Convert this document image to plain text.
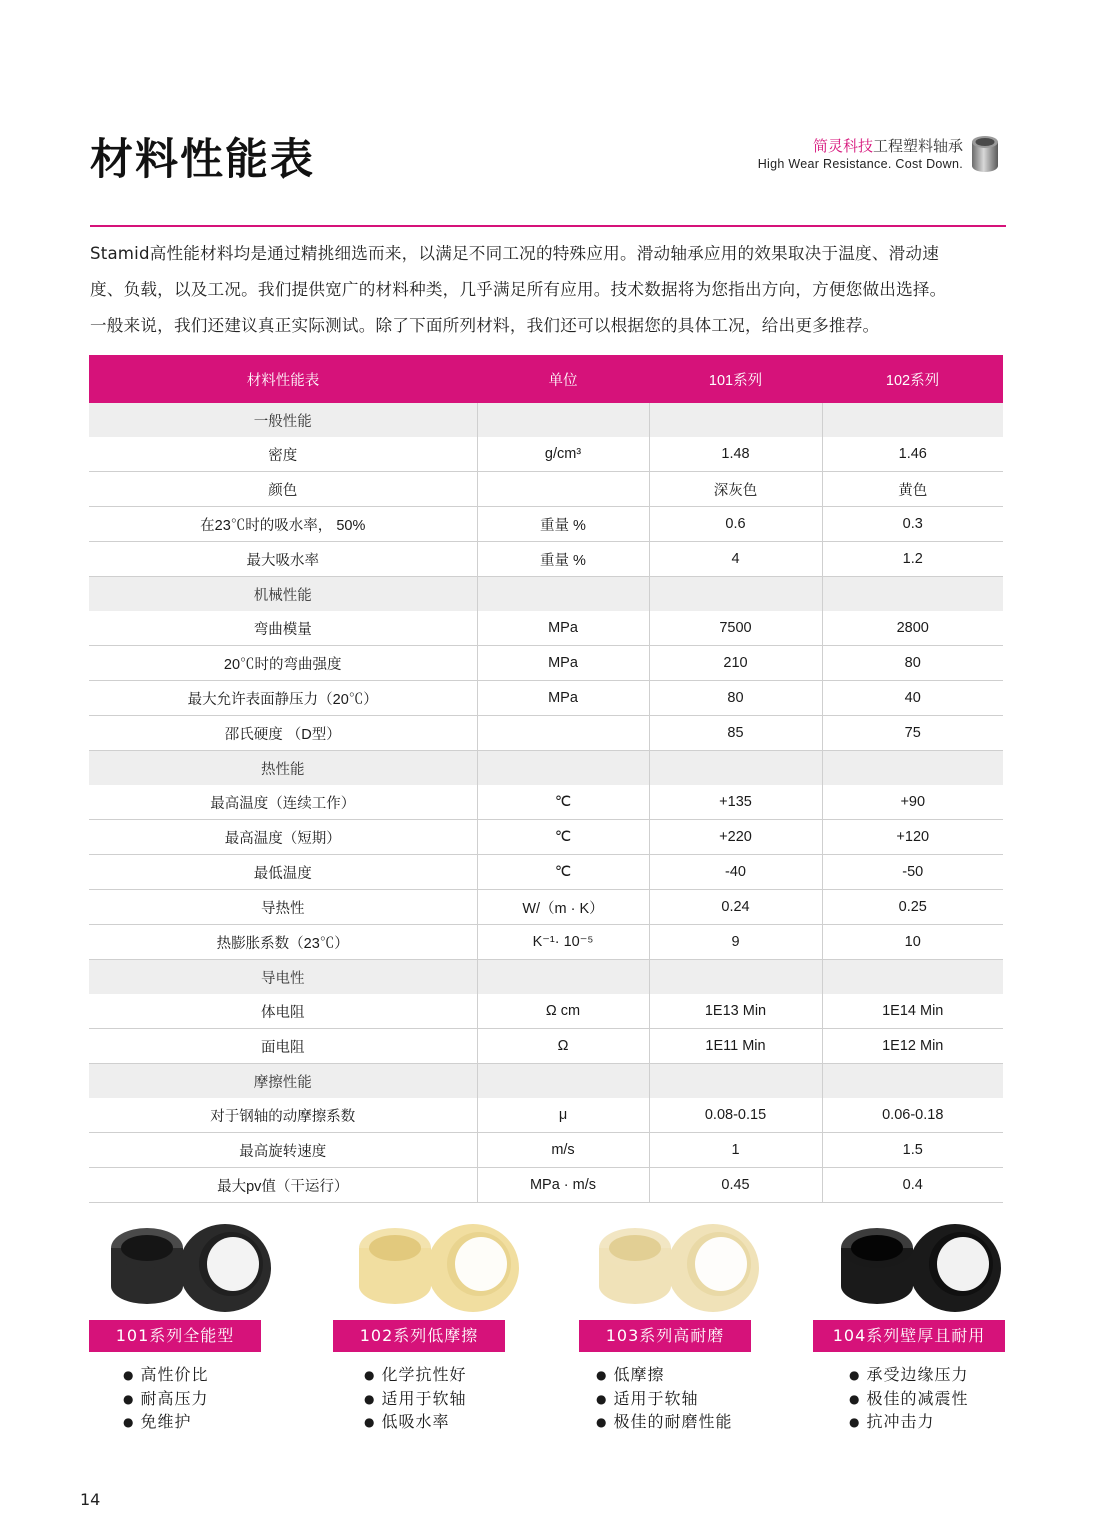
材料性能表	简灵科技工程塑料轴承
High Wear Resistance. Cost Down.

Stamid高性能材料均是通过精挑细选而来，以满足不同工况的特殊应用。滑动轴承应用的效果取决于温度、滑动速

度、负载，以及工况。我们提供宽广的材料种类，几乎满足所有应用。技术数据将为您指出方向，方便您做出选择。

一般来说，我们还建议真正实际测试。除了下面所列材料，我们还可以根据您的具体工况，给出更多推荐。

材料性能表	单位	101系列	102系列
一般性能			
密度	g/cm³	1.48	1.46
颜色		深灰色	黄色
在23℃时的吸水率， 50%	重量 %	0.6	0.3
最大吸水率	重量 %	4	1.2
机械性能			
弯曲模量	MPa	7500	2800
20℃时的弯曲强度	MPa	210	80
最大允许表面静压力（20℃）	MPa	80	40
邵氏硬度 （D型）		85	75
热性能			
最高温度（连续工作）	℃	+135	+90
最高温度（短期）	℃	+220	+120
最低温度	℃	-40	-50
导热性	W/（m · K）	0.24	0.25
热膨胀系数（23℃）	K⁻¹· 10⁻⁵	9	10
导电性			
体电阻	Ω cm	1E13 Min	1E14 Min
面电阻	Ω	1E11 Min	1E12 Min
摩擦性能			
对于钢轴的动摩擦系数	μ	0.08-0.15	0.06-0.18
最高旋转速度	m/s	1	1.5
最大pv值（干运行）	MPa · m/s	0.45	0.4
101系列全能型
● 高性价比
● 耐高压力
● 免维护
102系列低摩擦
● 化学抗性好
● 适用于软轴
● 低吸水率
103系列高耐磨
● 低摩擦
● 适用于软轴
● 极佳的耐磨性能
104系列壁厚且耐用
● 承受边缘压力
● 极佳的减震性
● 抗冲击力
14
